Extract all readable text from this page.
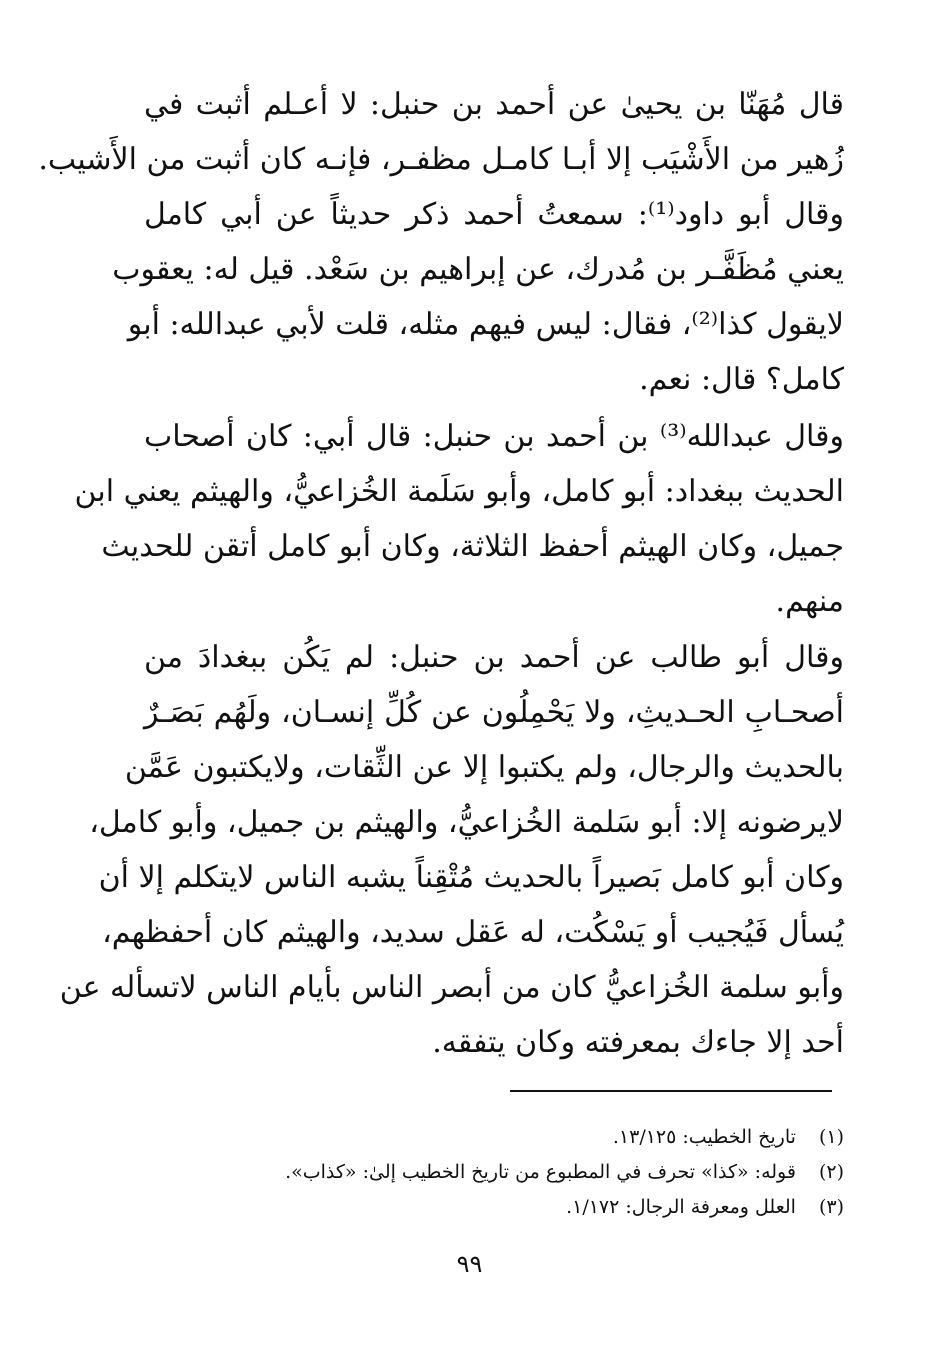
قال مُهَنّا بن يحيىٰ عن أحمد بن حنبل: لا أعـلم أثبت في
زُهير من الأَشْيَب إلا أبـا كامـل مظفـر، فإنـه كان أثبت من الأَشيب.
وقال أبو داود⁽¹⁾: سمعتُ أحمد ذكر حديثاً عن أبي كامل
يعني مُظَفَّـر بن مُدرك، عن إبراهيم بن سَعْد. قيل له: يعقوب
لايقول كذا⁽²⁾، فقال: ليس فيهم مثله، قلت لأبي عبدالله: أبو
كامل؟ قال: نعم.
وقال عبدالله⁽³⁾ بن أحمد بن حنبل: قال أبي: كان أصحاب
الحديث ببغداد: أبو كامل، وأبو سَلَمة الخُزاعيُّ، والهيثم يعني ابن
جميل، وكان الهيثم أحفظ الثلاثة، وكان أبو كامل أتقن للحديث
منهم.
وقال أبو طالب عن أحمد بن حنبل: لم يَكُن ببغدادَ من
أصحـابِ الحـديثِ، ولا يَحْمِلُون عن كُلِّ إنسـان، ولَهُم بَصَـرٌ
بالحديث والرجال، ولم يكتبوا إلا عن الثِّقات، ولايكتبون عَمَّن
لايرضونه إلا: أبو سَلمة الخُزاعيُّ، والهيثم بن جميل، وأبو كامل،
وكان أبو كامل بَصيراً بالحديث مُتْقِناً يشبه الناس لايتكلم إلا أن
يُسأل فَيُجيب أو يَسْكُت، له عَقل سديد، والهيثم كان أحفظهم،
وأبو سلمة الخُزاعيُّ كان من أبصر الناس بأيام الناس لاتسأله عن
أحد إلا جاءك بمعرفته وكان يتفقه.
(١) تاريخ الخطيب: ١٣/١٢٥.
(٢) قوله: «كذا» تحرف في المطبوع من تاريخ الخطيب إلىٰ: «كذاب».
(٣) العلل ومعرفة الرجال: ١/١٧٢.
٩٩
